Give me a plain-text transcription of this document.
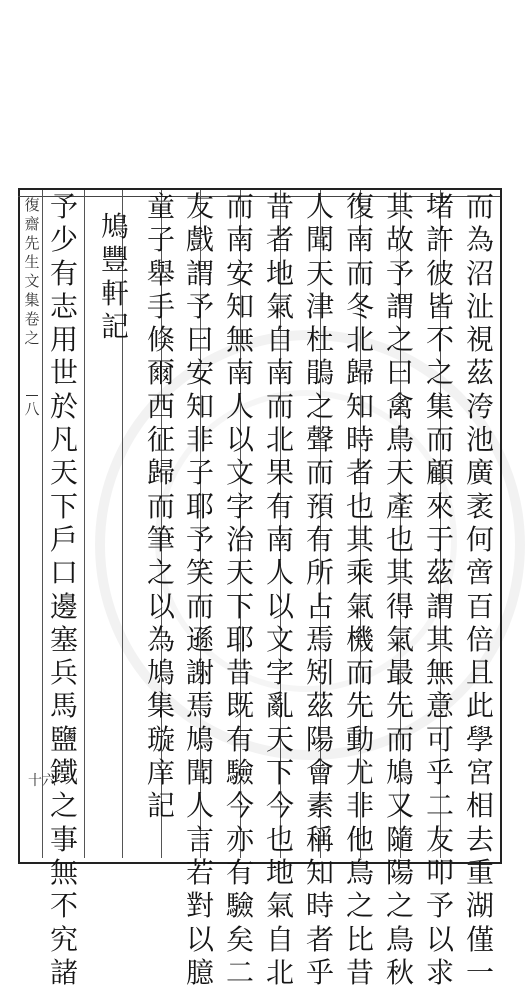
復
齋
先
生
文
集
卷
之
八
十六
而
為
沼
沚
視
茲
洿
池
廣
袤
何
啻
百
倍
且
此
學
宮
相
去
重
湖
僅
一
堵
許
彼
皆
不
之
集
而
顧
來
于
茲
謂
其
無
意
可
乎
二
友
叩
予
以
求
其
故
予
謂
之
曰
禽
鳥
天
產
也
其
得
氣
最
先
而
鳩
又
隨
陽
之
鳥
秋
復
南
而
冬
北
歸
知
時
者
也
其
乘
氣
機
而
先
動
尤
非
他
鳥
之
比
昔
人
聞
天
津
杜
鵑
之
聲
而
預
有
所
占
焉
矧
茲
陽
會
素
稱
知
時
者
乎
昔
者
地
氣
自
南
而
北
果
有
南
人
以
文
字
亂
天
下
今
也
地
氣
自
北
而
南
安
知
無
南
人
以
文
字
治
天
下
耶
昔
既
有
驗
今
亦
有
驗
矣
二
友
戲
謂
予
曰
安
知
非
子
耶
予
笑
而
遜
謝
焉
鳩
聞
人
言
若
對
以
臆
童
子
舉
手
倏
爾
西
征
歸
而
筆
之
以
為
鳩
集
璇
庠
記
鳩
豐
軒
記
予
少
有
志
用
世
於
凡
天
下
戶
口
邊
塞
兵
馬
鹽
鐵
之
事
無
不
究
諸
